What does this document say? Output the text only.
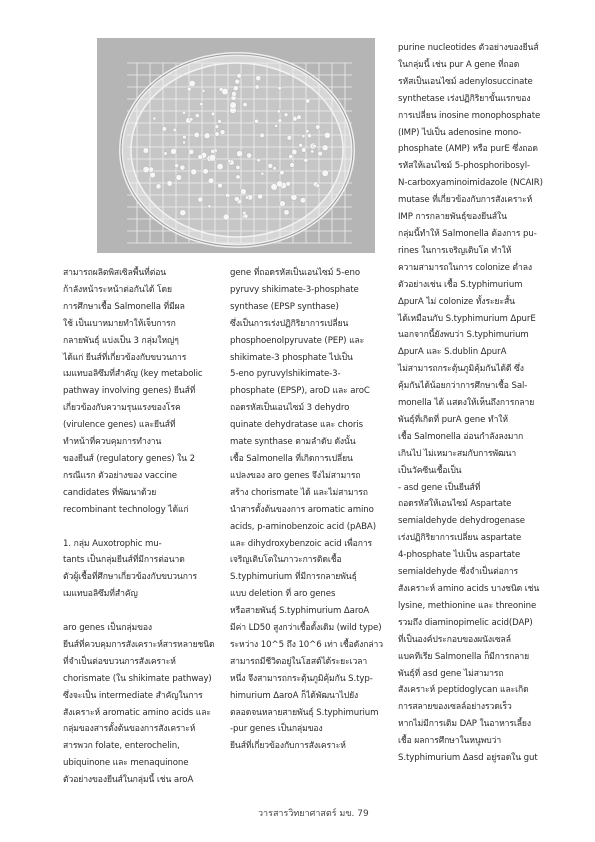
สามารถผลิตพิสเซิลพื้นที่ต่อน

ก้าลังหน้าระหน้าต่อกันได้ โดย

การศึกษาเชื้อ Salmonella ที่มีผล

ใช้ เป็นเบาหมายทำให้เจ็บการก

กลายพันธุ์ แบ่งเป็น 3 กลุ่มใหญ่ๆ

ได้แก่ ยีนส์ที่เกี่ยวข้องกับขบวนการ

เมแทบอลิซึมที่สำคัญ (key metabolic

pathway involving genes) ยีนส์ที่

เกี่ยวข้องกับความรุนแรงของโรค

(virulence genes) และยีนส์ที่

ทำหน้าที่ควบคุมการทำงาน

ของยีนส์ (regulatory genes) ใน 2

กรณีแรก ตัวอย่างของ vaccine

candidates ที่พัฒนาด้วย

recombinant technology ได้แก่

1. กลุ่ม Auxotrophic mu-

tants เป็นกลุ่มยีนส์ที่มีการต่อนาด

ตัวผู้เชื้อที่ศึกษาเกี่ยวข้องกับขบวนการ

เมแทบอลิซึมที่สำคัญ

aro genes เป็นกลุ่มของ

ยีนส์ที่ควบคุมการสังเคราะห์สารหลายชนิด

ที่จำเป็นต่อขบวนการสังเคราะห์

chorismate (ใน shikimate pathway)

ซึ่งจะเป็น intermediate สำคัญในการ

สังเคราะห์ aromatic amino acids และ

กลุ่มของสารตั้งต้นของการสังเคราะห์

สารพวก folate, enterochelin,

ubiquinone และ menaquinone

ตัวอย่างของยีนส์ในกลุ่มนี้ เช่น aroA

gene ที่ถอดรหัสเป็นเอนไซม์ 5-eno

pyruvy shikimate-3-phosphate

synthase (EPSP synthase)

ซึ่งเป็นการเร่งปฏิกิริยาการเปลี่ยน

phosphoenolpyruvate (PEP) และ

shikimate-3 phosphate ไปเป็น

5-eno pyruvylshikimate-3-

phosphate (EPSP), aroD และ aroC

ถอดรหัสเป็นเอนไซม์ 3 dehydro

quinate dehydratase และ choris

mate synthase ตามลำดับ ดังนั้น

เชื้อ Salmonella ที่เกิดการเปลี่ยน

แปลงของ aro genes จึงไม่สามารถ

สร้าง chorismate ได้ และไม่สามารถ

นำสารตั้งต้นของการ aromatic amino

acids, p-aminobenzoic acid (pABA)

และ dihydroxybenzoic acid เพื่อการ

เจริญเติบโตในภาวะการติดเชื้อ

S.typhimurium ที่มีการกลายพันธุ์

แบบ deletion ที่ aro genes

หรือสายพันธุ์ S.typhimurium ΔaroA

มีค่า LD50 สูงกว่าเชื้อดั้งเดิม (wild type)

ระหว่าง 10^5 ถึง 10^6 เท่า เชื้อดังกล่าว

สามารถมีชีวิตอยู่ในโฮสต์ได้ระยะเวลา

หนึ่ง จึงสามารถกระตุ้นภูมิคุ้มกัน S.typ-

himurium ΔaroA ก็ได้พัฒนาไปยัง

ตลอดจนหลายสายพันธุ์ S.typhimurium

-pur genes เป็นกลุ่มของ

ยีนส์ที่เกี่ยวข้องกับการสังเคราะห์

purine nucleotides ตัวอย่างของยีนส์

ในกลุ่มนี้ เช่น pur A gene ที่ถอด

รหัสเป็นเอนไซม์ adenylosuccinate

synthetase เร่งปฏิกิริยาขั้นแรกของ

การเปลี่ยน inosine monophosphate

(IMP) ไปเป็น adenosine mono-

phosphate (AMP) หรือ purE ซึ่งถอด

รหัสให้เอนไซม์ 5-phosphoribosyl-

N-carboxyaminoimidazole (NCAIR)

mutase ที่เกี่ยวข้องกับการสังเคราะห์

IMP การกลายพันธุ์ของยีนส์ใน

กลุ่มนี้ทำให้ Salmonella ต้องการ pu-

rines ในการเจริญเติบโต ทำให้

ความสามารถในการ colonize ต่ำลง

ตัวอย่างเช่น เชื้อ S.typhimurium

ΔpurA ไม่ colonize ทั้งระยะสั้น

ได้เหมือนกับ S.typhimurium ΔpurE

นอกจากนี้ยังพบว่า S.typhimurium

ΔpurA และ S.dublin ΔpurA

ไม่สามารถกระตุ้นภูมิคุ้มกันได้ดี ซึ่ง

คุ้มกันได้น้อยกว่าการศึกษาเชื้อ Sal-

monella ได้ แสดงให้เห็นถึงการกลาย

พันธุ์ที่เกิดที่ purA gene ทำให้

เชื้อ Salmonella อ่อนกำลังลงมาก

เกินไป ไม่เหมาะสมกับการพัฒนา

เป็นวัคซีนเชื้อเป็น

- asd gene เป็นยีนส์ที่

ถอดรหัสให้เอนไซม์ Aspartate

semialdehyde dehydrogenase

เร่งปฏิกิริยาการเปลี่ยน aspartate

4-phosphate ไปเป็น aspartate

semialdehyde ซึ่งจำเป็นต่อการ

สังเคราะห์ amino acids บางชนิด เช่น

lysine, methionine และ threonine

รวมถึง diaminopimelic acid(DAP)

ที่เป็นองค์ประกอบของผนังเซลล์

แบคทีเรีย Salmonella ก็มีการกลาย

พันธุ์ที่ asd gene ไม่สามารถ

สังเคราะห์ peptidoglycan และเกิด

การสลายของเซลล์อย่างรวดเร็ว

หากไม่มีการเติม DAP ในอาหารเลี้ยง

เชื้อ ผลการศึกษาในหนูพบว่า

S.typhimurium Δasd อยู่รอดใน gut

วารสารวิทยาศาสตร์ มข. 79
